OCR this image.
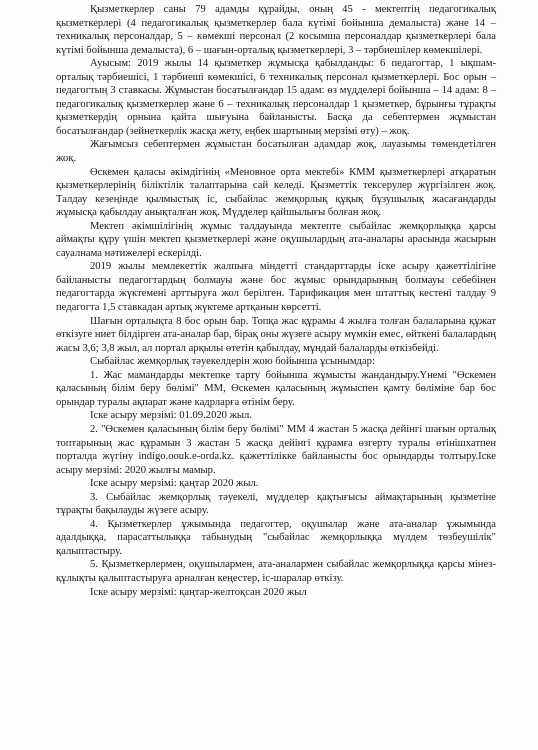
Қызметкерлер саны 79 адамды құрайды, оның 45 - мектептің педагогикалық қызметкерлері (4 педагогикалық қызметкерлер бала күтімі бойынша демалыста) және 14 – техникалық персоналдар, 5 – көмекші персонал (2 косымша персоналдар қызметкерлері бала күтімі бойынша демалыста), 6 – шағын-орталық қызметкерлері, 3 – тәрбиешілер көмекшілері.

Ауысым: 2019 жылы 14 қызметкер жұмысқа қабылданды: 6 педагогтар, 1 ықшам-орталық тәрбиешісі, 1 тәрбиеші көмекшісі, 6 техникалық персонал қызметкерлері. Бос орын – педагогтың 3 ставкасы. Жұмыстан босатылғандар 15 адам: өз мүдделері бойынша – 14 адам: 8 – педагогикалық қызметкерлер және 6 – техникалық персоналдар 1 қызметкер, бұрынғы тұрақты қызметкердің орнына қайта шығуына байланысты. Басқа да себептермен жұмыстан босатылғандар (зейнеткерлік жасқа жету, еңбек шартының мерзімі өту) – жоқ.

Жағымсыз себептермен жұмыстан босатылған адамдар жоқ, лауазымы төмендетілген жоқ.

Өскемен қаласы әкімдігінің «Меновное орта мектебі» КММ қызметкерлері атқаратын қызметкерлерінің біліктілік талаптарына сай келеді. Қызметтік тексерулер жүргізілген жоқ. Талдау кезеңінде қылмыстық іс, сыбайлас жемқорлық құқық бұзушылық жасағандарды жұмысқа қабылдау анықталған жоқ. Мүдделер қайшылығы болған жоқ.

Мектеп әкімшілігінің жұмыс талдауында мектепте сыбайлас жемқорлыққа қарсы аймақты құру үшін мектеп қызметкерлері және оқушылардың ата-аналары арасында жасырын сауалнама нәтижелері ескерілді.

2019 жылы мемлекеттік жалпыға міндетті стандарттарды іске асыру қажеттілігіне байланысты педагогтардың болмауы және бос жұмыс орындарының болмауы себебінен педагогтарда жүктемені арттыруға жол берілген. Тарификация мен штаттық кестені талдау 9 педагогта 1,5 ставкадан артық жүктеме артқанын көрсетті.

Шағын орталықта 8 бос орын бар. Топқа жас құрамы 4 жылға толған балаларына құжат өткізуге ниет білдірген ата-аналар бар, бірақ оны жүзеге асыру мүмкін емес, өйткені балалардың жасы 3,6; 3,8 жыл, ал портал арқылы өтетін қабылдау, мұндай балаларды өткізбейді.

Сыбайлас жемқорлық тәуекелдерін жою бойынша ұсынымдар:

1. Жас мамандарды мектепке тарту бойынша жұмысты жандандыру.Үнемі "Өскемен қаласының білім беру бөлімі" ММ, Өскемен қаласының жұмыспен қамту бөліміне бар бос орындар туралы ақпарат және кадрларға өтінім беру.

Іске асыру мерзімі: 01.09.2020 жыл.

2. "Өскемен қаласының білім беру бөлімі" ММ 4 жастан 5 жасқа дейінгі шағын орталық топтарының жас құрамын 3 жастан 5 жасқа дейінгі құрамға өзгерту туралы өтінішхатпен порталда жүгіну indigo.oouk.e-orda.kz. қажеттілікке байланысты бос орындарды толтыру.Іске асыру мерзімі: 2020 жылғы мамыр.

Іске асыру мерзімі: қаңтар 2020 жыл.

3. Сыбайлас жемқорлық тәуекелі, мүдделер қақтығысы аймақтарының қызметіне тұрақты бақылауды жүзеге асыру.

4. Қызметкерлер ұжымында педагогтер, оқушылар және ата-аналар ұжымында адалдыққа, парасаттылыққа табынудың "сыбайлас жемқорлыққа мүлдем төзбеушілік" қалыптастыру.

5. Қызметкерлермен, оқушылармен, ата-аналармен сыбайлас жемқорлыққа қарсы мінез-құлықты қалыптастыруға арналған кеңестер, іс-шаралар өткізу.

Іске асыру мерзімі: қаңтар-желтоқсан 2020 жыл
